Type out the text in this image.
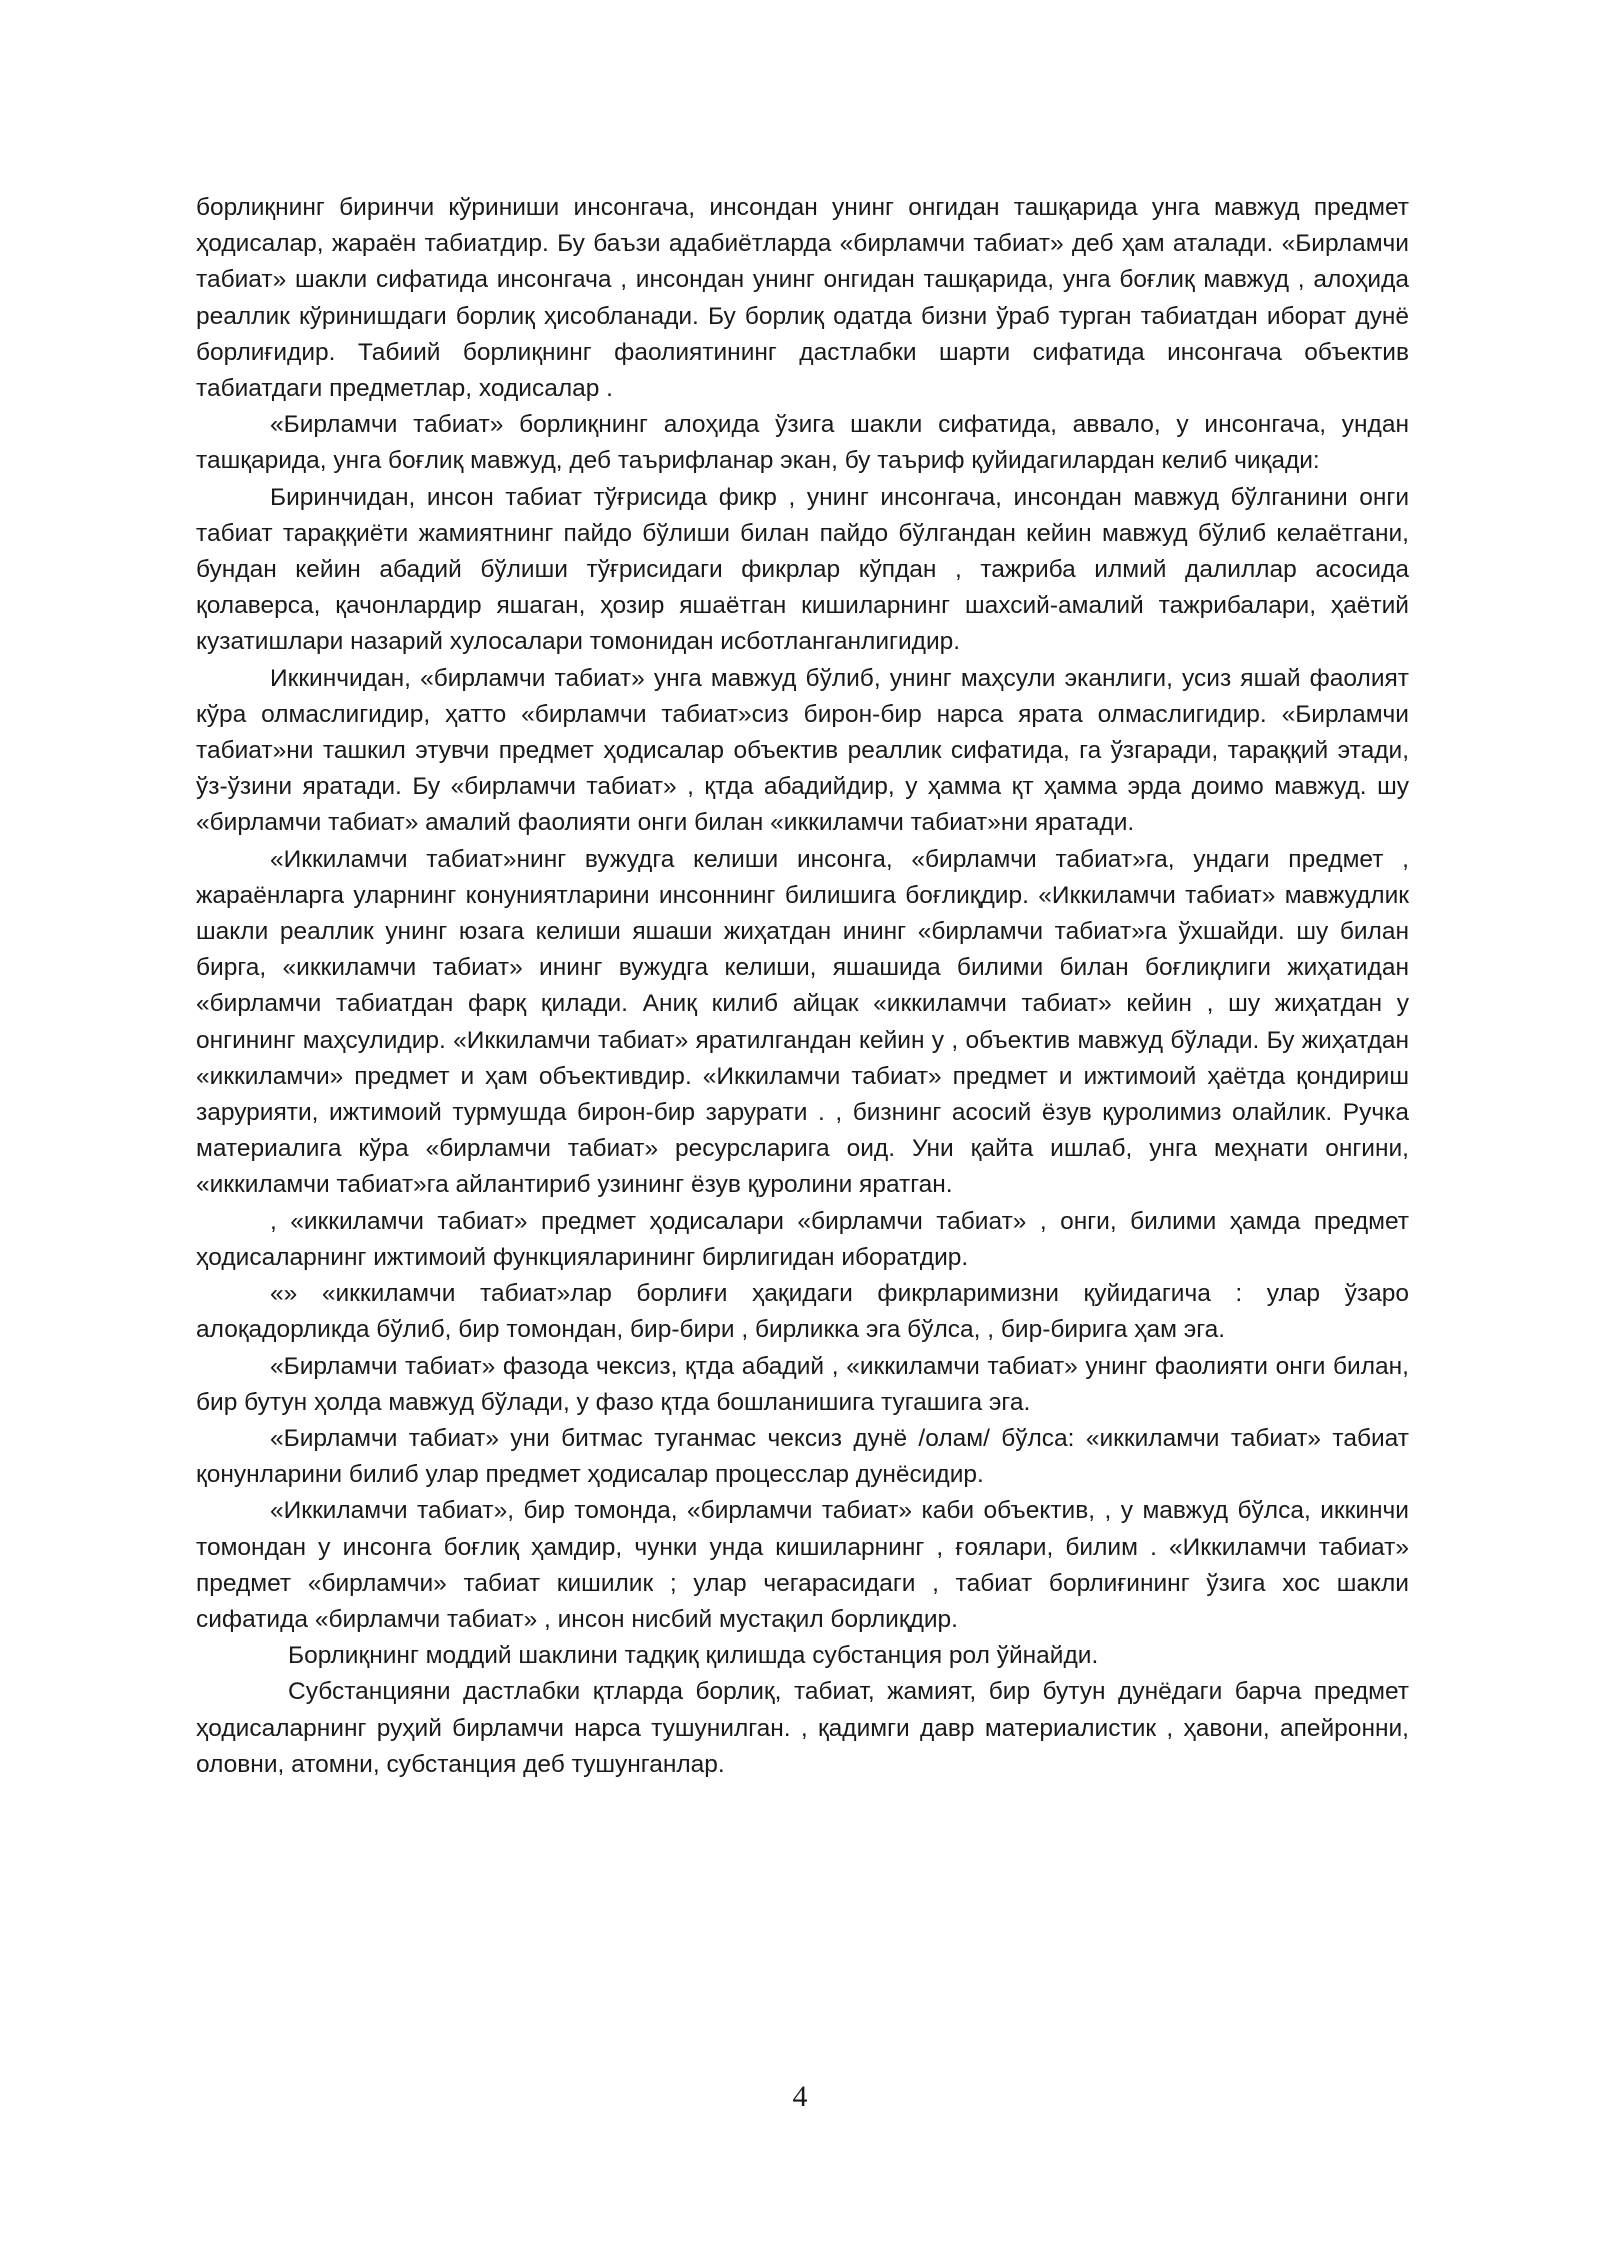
борлиқнинг биринчи кўриниши инсонгача, инсондан унинг онгидан ташқарида унга мавжуд предмет ҳодисалар, жараён табиатдир. Бу баъзи адабиётларда «бирламчи табиат» деб ҳам аталади. «Бирламчи табиат» шакли сифатида инсонгача , инсондан унинг онгидан ташқарида, унга боғлиқ мавжуд , алоҳида реаллик кўринишдаги борлиқ ҳисобланади. Бу борлиқ одатда бизни ўраб турган табиатдан иборат дунё борлиғидир. Табиий борлиқнинг фаолиятининг дастлабки шарти сифатида инсонгача объектив табиатдаги предметлар, ходисалар .

«Бирламчи табиат» борлиқнинг алоҳида ўзига шакли сифатида, аввало, у инсонгача, ундан ташқарида, унга боғлиқ мавжуд, деб таърифланар экан, бу таъриф қуйидагилардан келиб чиқади:

Биринчидан, инсон табиат тўғрисида фикр , унинг инсонгача, инсондан мавжуд бўлганини онги табиат тараққиёти жамиятнинг пайдо бўлиши билан пайдо бўлгандан кейин мавжуд бўлиб келаётгани, бундан кейин абадий бўлиши тўғрисидаги фикрлар кўпдан , тажриба илмий далиллар асосида қолаверса, қачонлардир яшаган, ҳозир яшаётган кишиларнинг шахсий-амалий тажрибалари, ҳаётий кузатишлари назарий хулосалари томонидан исботланганлигидир.

Иккинчидан, «бирламчи табиат» унга мавжуд бўлиб, унинг маҳсули эканлиги, усиз яшай фаолият кўра олмаслигидир, ҳатто «бирламчи табиат»сиз бирон-бир нарса ярата олмаслигидир. «Бирламчи табиат»ни ташкил этувчи предмет ҳодисалар объектив реаллик сифатида, га ўзгаради, тараққий этади, ўз-ўзини яратади. Бу «бирламчи табиат» , қтда абадийдир, у ҳамма қт ҳамма эрда доимо мавжуд. шу «бирламчи табиат» амалий фаолияти онги билан «иккиламчи табиат»ни яратади.

«Иккиламчи табиат»нинг вужудга келиши инсонга, «бирламчи табиат»га, ундаги предмет , жараёнларга уларнинг конуниятларини инсоннинг билишига боғлиқдир. «Иккиламчи табиат» мавжудлик шакли реаллик унинг юзага келиши яшаши жиҳатдан ининг «бирламчи табиат»га ўхшайди. шу билан бирга, «иккиламчи табиат» ининг вужудга келиши, яшашида билими билан боғлиқлиги жиҳатидан «бирламчи табиатдан фарқ қилади. Аниқ килиб айцак «иккиламчи табиат» кейин , шу жиҳатдан у онгининг маҳсулидир. «Иккиламчи табиат» яратилгандан кейин у , объектив мавжуд бўлади. Бу жиҳатдан «иккиламчи» предмет и ҳам объективдир. «Иккиламчи табиат» предмет и ижтимоий ҳаётда қондириш зарурияти, ижтимоий турмушда бирон-бир зарурати . , бизнинг асосий ёзув қуролимиз олайлик. Ручка материалига кўра «бирламчи табиат» ресурсларига оид. Уни қайта ишлаб, унга меҳнати онгини, «иккиламчи табиат»га айлантириб узининг ёзув қуролини яратган.

, «иккиламчи табиат» предмет ҳодисалари «бирламчи табиат» , онги, билими ҳамда предмет ҳодисаларнинг ижтимоий функцияларининг бирлигидан иборатдир.

«» «иккиламчи табиат»лар борлиғи ҳақидаги фикрларимизни қуйидагича : улар ўзаро алоқадорликда бўлиб, бир томондан, бир-бири , бирликка эга бўлса, , бир-бирига ҳам эга.

«Бирламчи табиат» фазода чексиз, қтда абадий , «иккиламчи табиат» унинг фаолияти онги билан, бир бутун ҳолда мавжуд бўлади, у фазо қтда бошланишига тугашига эга.

«Бирламчи табиат» уни битмас туганмас чексиз дунё /олам/ бўлса: «иккиламчи табиат» табиат қонунларини билиб улар предмет ҳодисалар процесслар дунёсидир.

«Иккиламчи табиат», бир томонда, «бирламчи табиат» каби объектив, , у мавжуд бўлса, иккинчи томондан у инсонга боғлиқ ҳамдир, чунки унда кишиларнинг , ғоялари, билим . «Иккиламчи табиат» предмет «бирламчи» табиат кишилик ; улар чегарасидаги , табиат борлиғининг ўзига хос шакли сифатида «бирламчи табиат» , инсон нисбий мустақил борлиқдир.

Борлиқнинг моддий шаклини тадқиқ қилишда субстанция рол ўйнайди.

Субстанцияни дастлабки қтларда борлиқ, табиат, жамият, бир бутун дунёдаги барча предмет ҳодисаларнинг руҳий бирламчи нарса тушунилган. , қадимги давр материалистик , ҳавони, апейронни, оловни, атомни, субстанция деб тушунганлар.

4
